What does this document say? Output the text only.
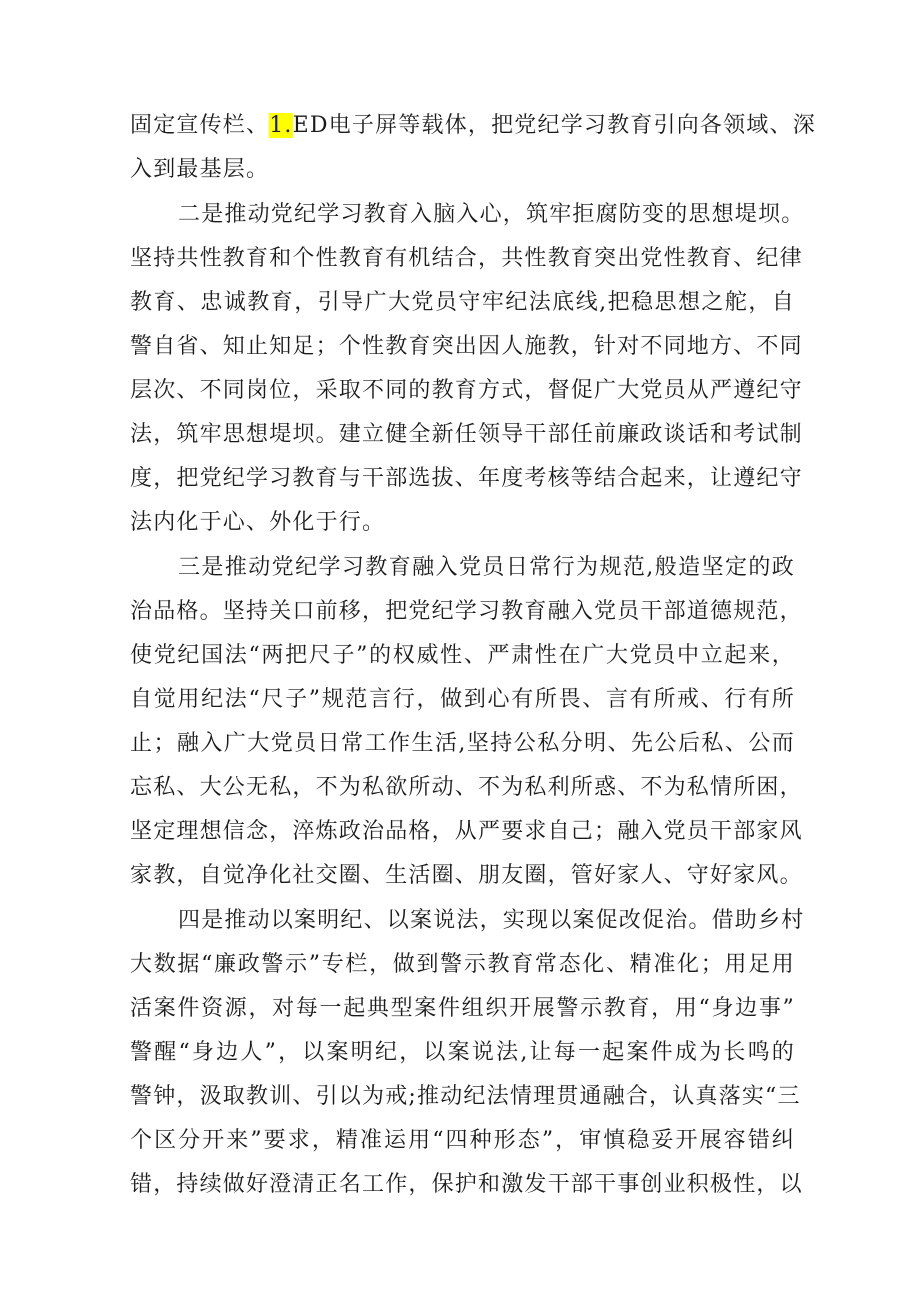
固定宣传栏、1.ED电子屏等载体，把党纪学习教育引向各领域、深
入到最基层。
二是推动党纪学习教育入脑入心，筑牢拒腐防变的思想堤坝。
坚持共性教育和个性教育有机结合，共性教育突出党性教育、纪律
教育、忠诚教育，引导广大党员守牢纪法底线,把稳思想之舵，自
警自省、知止知足；个性教育突出因人施教，针对不同地方、不同
层次、不同岗位，采取不同的教育方式，督促广大党员从严遵纪守
法，筑牢思想堤坝。建立健全新任领导干部任前廉政谈话和考试制
度，把党纪学习教育与干部选拔、年度考核等结合起来，让遵纪守
法内化于心、外化于行。
三是推动党纪学习教育融入党员日常行为规范,般造坚定的政
治品格。坚持关口前移，把党纪学习教育融入党员干部道德规范，
使党纪国法“两把尺子”的权威性、严肃性在广大党员中立起来，
自觉用纪法“尺子”规范言行，做到心有所畏、言有所戒、行有所
止；融入广大党员日常工作生活,坚持公私分明、先公后私、公而
忘私、大公无私，不为私欲所动、不为私利所惑、不为私情所困，
坚定理想信念，淬炼政治品格，从严要求自己；融入党员干部家风
家教，自觉净化社交圈、生活圈、朋友圈，管好家人、守好家风。
四是推动以案明纪、以案说法，实现以案促改促治。借助乡村
大数据“廉政警示”专栏，做到警示教育常态化、精准化；用足用
活案件资源，对每一起典型案件组织开展警示教育，用“身边事”
警醒“身边人”，以案明纪，以案说法,让每一起案件成为长鸣的
警钟，汲取教训、引以为戒;推动纪法情理贯通融合，认真落实“三
个区分开来”要求，精准运用“四种形态”，审慎稳妥开展容错纠
错，持续做好澄清正名工作，保护和激发干部干事创业积极性，以
